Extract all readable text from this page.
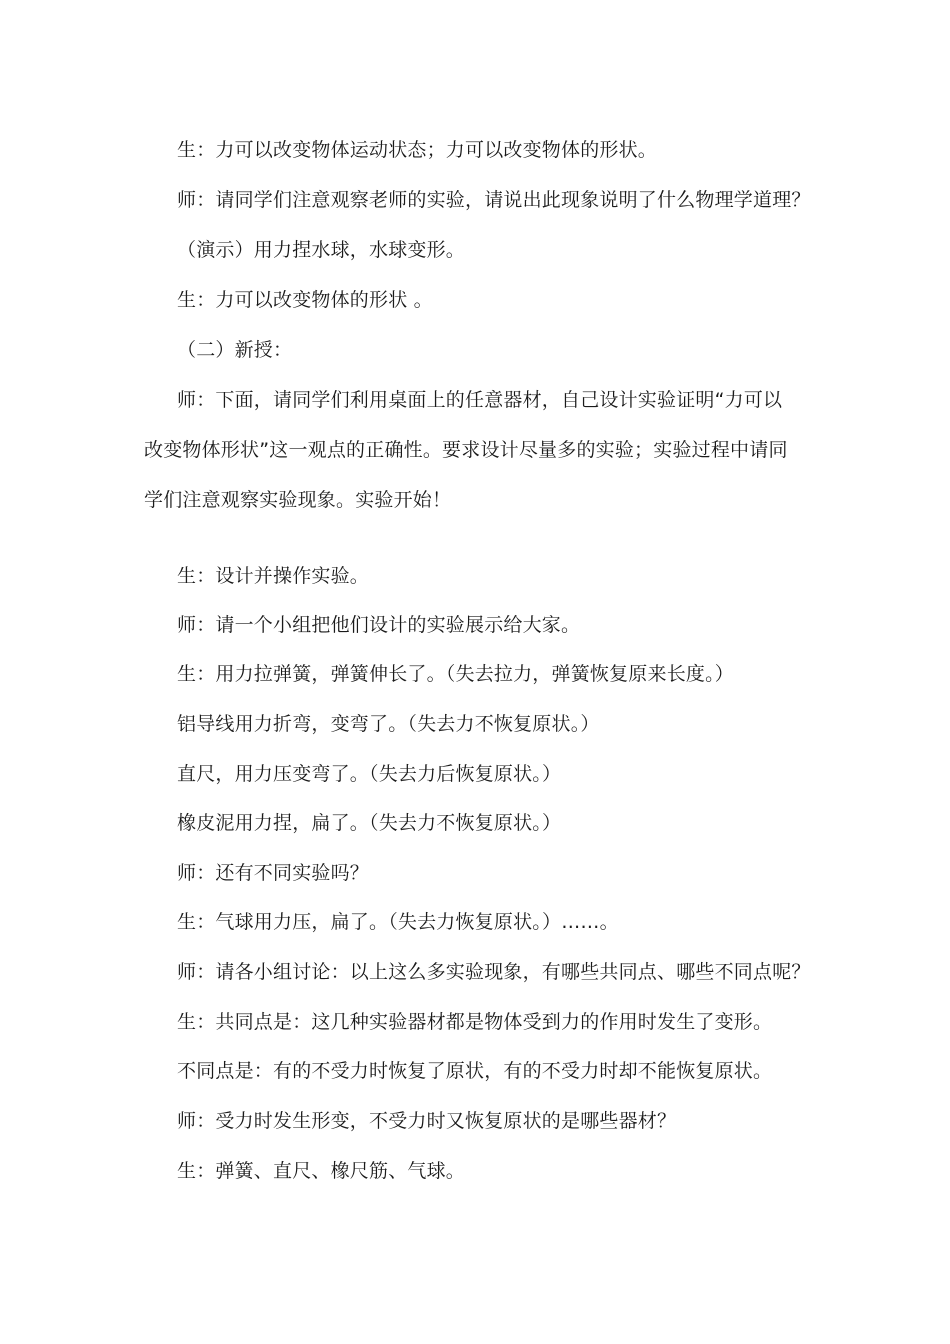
生：力可以改变物体运动状态；力可以改变物体的形状。
师：请同学们注意观察老师的实验，请说出此现象说明了什么物理学道理？
（演示）用力捏水球，水球变形。
生：力可以改变物体的形状 。
（二）新授：
师：下面，请同学们利用桌面上的任意器材，自己设计实验证明“力可以
改变物体形状”这一观点的正确性。要求设计尽量多的实验；实验过程中请同
学们注意观察实验现象。实验开始！
生：设计并操作实验。
师：请一个小组把他们设计的实验展示给大家。
生：用力拉弹簧，弹簧伸长了。（失去拉力，弹簧恢复原来长度。）
铝导线用力折弯，变弯了。（失去力不恢复原状。）
直尺，用力压变弯了。（失去力后恢复原状。）
橡皮泥用力捏，扁了。（失去力不恢复原状。）
师：还有不同实验吗？
生：气球用力压，扁了。（失去力恢复原状。）……。
师：请各小组讨论：以上这么多实验现象，有哪些共同点、哪些不同点呢？
生：共同点是：这几种实验器材都是物体受到力的作用时发生了变形。
不同点是：有的不受力时恢复了原状，有的不受力时却不能恢复原状。
师：受力时发生形变，不受力时又恢复原状的是哪些器材？
生：弹簧、直尺、橡尺筋、气球。
